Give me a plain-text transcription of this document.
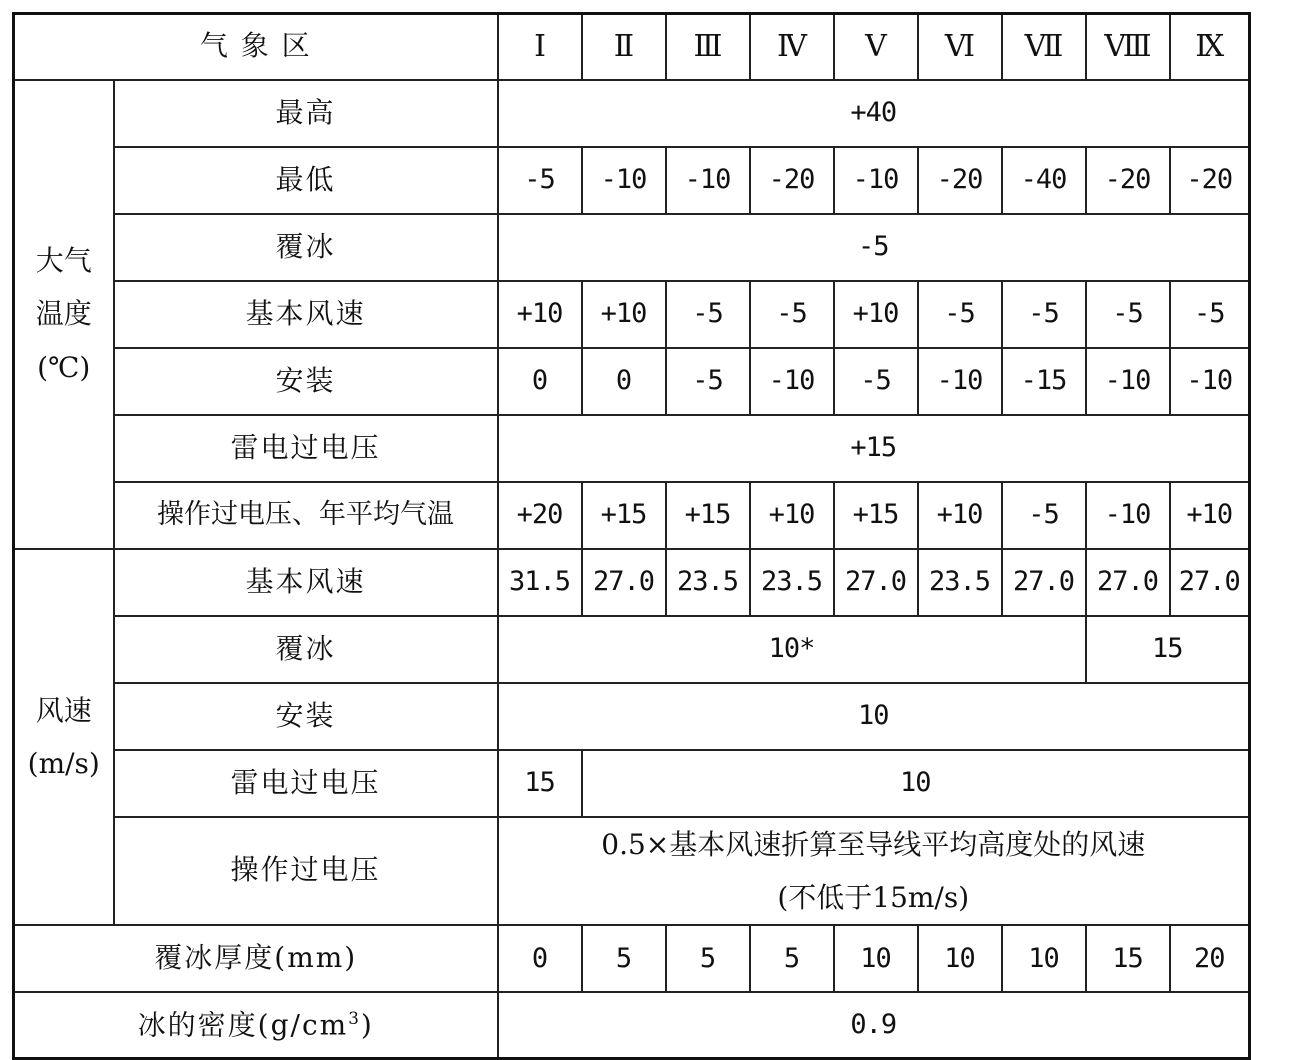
气 象 区		Ⅰ	Ⅱ	Ⅲ	Ⅳ	Ⅴ	Ⅵ	Ⅶ	Ⅷ	Ⅸ

大气
温度
(℃)	最高	+40								
	最低	-5	-10	-10	-20	-10	-20	-40	-20	-20
	覆冰	-5								
	基本风速	+10	+10	-5	-5	+10	-5	-5	-5	-5
	安装	0	0	-5	-10	-5	-10	-15	-10	-10
	雷电过电压	+15								
	操作过电压、年平均气温	+20	+15	+15	+10	+15	+10	-5	-10	+10

风速
(m/s)	基本风速	31.5	27.0	23.5	23.5	27.0	23.5	27.0	27.0	27.0
	覆冰	10*							15	
	安装	10								
	雷电过电压	15	10							
	操作过电压	0.5×基本风速折算至导线平均高度处的风速
(不低于15m/s)								

覆冰厚度(mm)		0	5	5	5	10	10	10	15	20
冰的密度$(g/cm^3)$		0.9								
